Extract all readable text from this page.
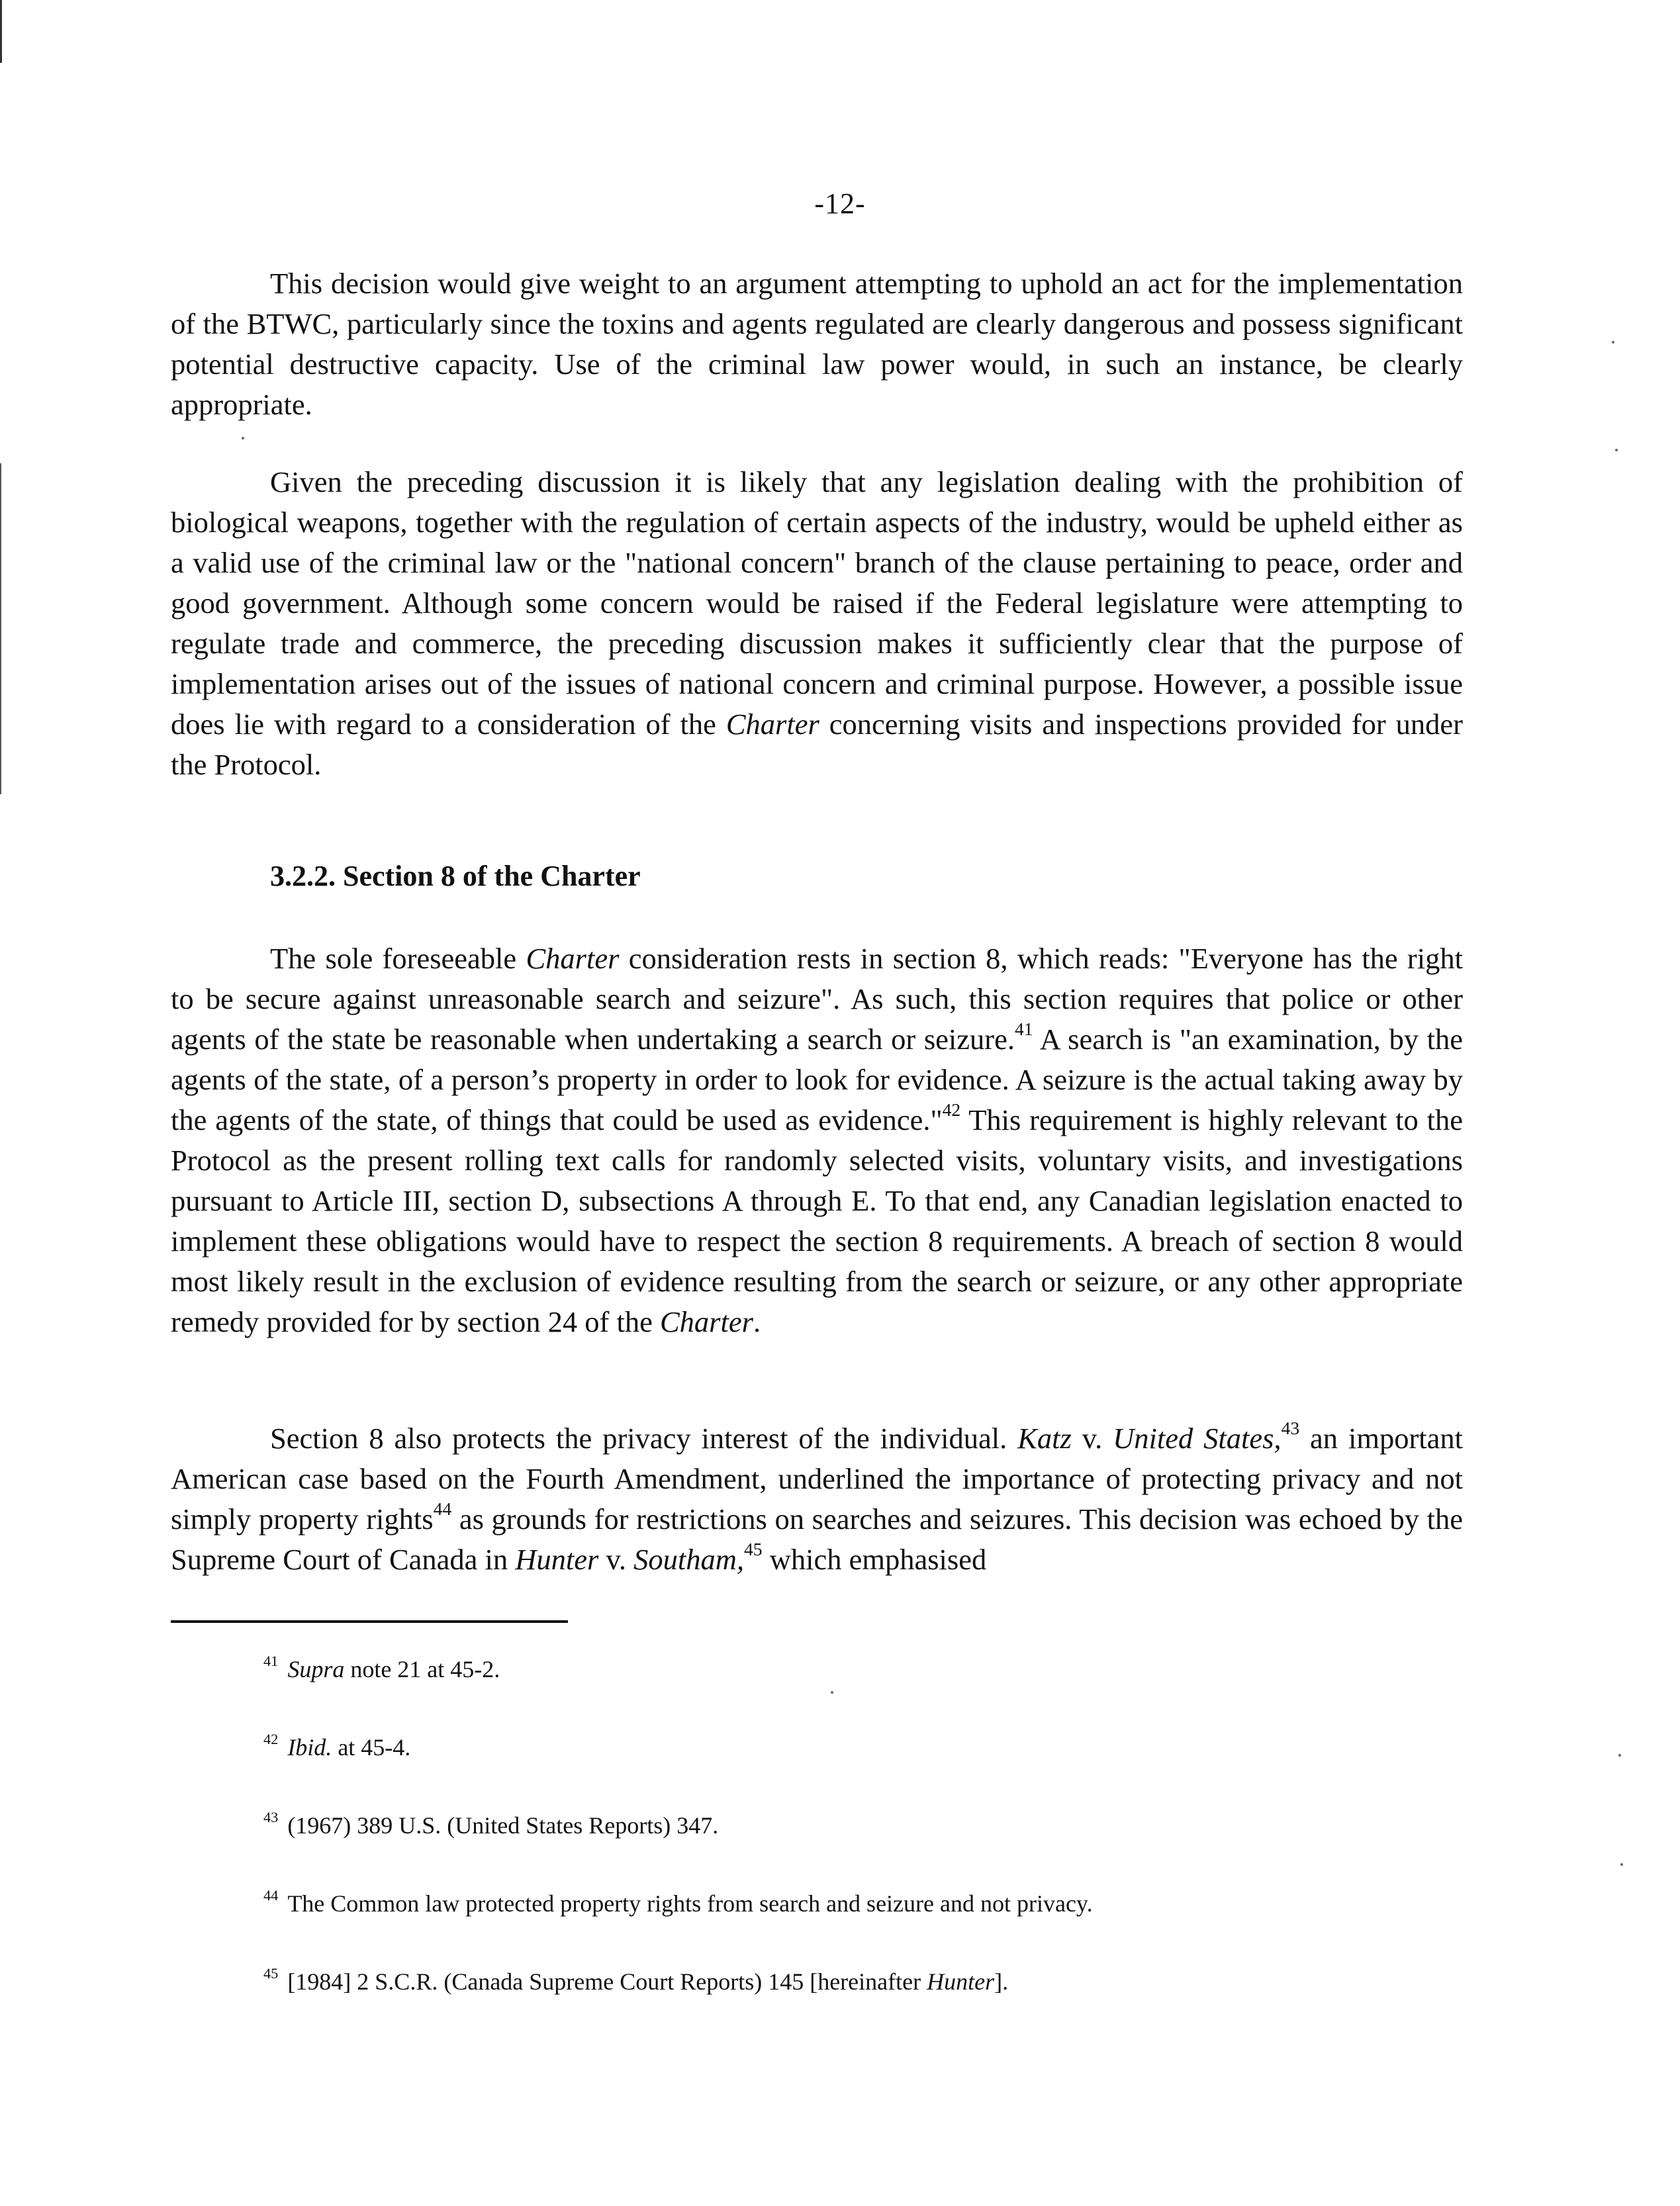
-12-

This decision would give weight to an argument attempting to uphold an act for the implementation of the BTWC, particularly since the toxins and agents regulated are clearly dangerous and possess significant potential destructive capacity. Use of the criminal law power would, in such an instance, be clearly appropriate.

Given the preceding discussion it is likely that any legislation dealing with the prohibition of biological weapons, together with the regulation of certain aspects of the industry, would be upheld either as a valid use of the criminal law or the "national concern" branch of the clause pertaining to peace, order and good government. Although some concern would be raised if the Federal legislature were attempting to regulate trade and commerce, the preceding discussion makes it sufficiently clear that the purpose of implementation arises out of the issues of national concern and criminal purpose. However, a possible issue does lie with regard to a consideration of the Charter concerning visits and inspections provided for under the Protocol.

3.2.2. Section 8 of the Charter

The sole foreseeable Charter consideration rests in section 8, which reads: "Everyone has the right to be secure against unreasonable search and seizure". As such, this section requires that police or other agents of the state be reasonable when undertaking a search or seizure.$^{41}$ A search is "an examination, by the agents of the state, of a person’s property in order to look for evidence. A seizure is the actual taking away by the agents of the state, of things that could be used as evidence."$^{42}$ This requirement is highly relevant to the Protocol as the present rolling text calls for randomly selected visits, voluntary visits, and investigations pursuant to Article III, section D, subsections A through E. To that end, any Canadian legislation enacted to implement these obligations would have to respect the section 8 requirements. A breach of section 8 would most likely result in the exclusion of evidence resulting from the search or seizure, or any other appropriate remedy provided for by section 24 of the Charter.

Section 8 also protects the privacy interest of the individual. Katz v. United States,$^{43}$ an important American case based on the Fourth Amendment, underlined the importance of protecting privacy and not simply property rights$^{44}$ as grounds for restrictions on searches and seizures. This decision was echoed by the Supreme Court of Canada in Hunter v. Southam,$^{45}$ which emphasised

$^{41}$ Supra note 21 at 45-2.

$^{42}$ Ibid. at 45-4.

$^{43}$ (1967) 389 U.S. (United States Reports) 347.

$^{44}$ The Common law protected property rights from search and seizure and not privacy.

$^{45}$ [1984] 2 S.C.R. (Canada Supreme Court Reports) 145 [hereinafter Hunter].
